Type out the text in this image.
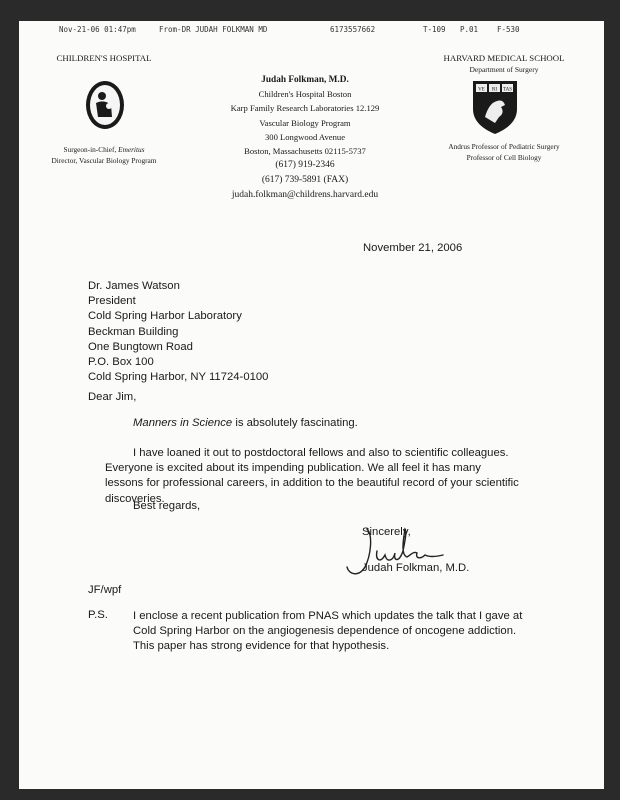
Nov-21-06 01:47pm	From-DR JUDAH FOLKMAN MD	6173557662	T-109 P.01	F-530
CHILDREN'S HOSPITAL
Surgeon-in-Chief, Emeritus
Director, Vascular Biology Program
Judah Folkman, M.D.
Children's Hospital Boston
Karp Family Research Laboratories 12.129
Vascular Biology Program
300 Longwood Avenue
Boston, Massachusetts 02115-5737
(617) 919-2346
(617) 739-5891 (FAX)
judah.folkman@childrens.harvard.edu
HARVARD MEDICAL SCHOOL
Department of Surgery
VE RI TAS
Andrus Professor of Pediatric Surgery
Professor of Cell Biology
November 21, 2006
Dr. James Watson
President
Cold Spring Harbor Laboratory
Beckman Building
One Bungtown Road
P.O. Box 100
Cold Spring Harbor, NY 11724-0100
Dear Jim,

Manners in Science is absolutely fascinating.

I have loaned it out to postdoctoral fellows and also to scientific colleagues. Everyone is excited about its impending publication. We all feel it has many lessons for professional careers, in addition to the beautiful record of your scientific discoveries.

Best regards,
Sincerely,
Judah Folkman, M.D.
JF/wpf
P.S. I enclose a recent publication from PNAS which updates the talk that I gave at Cold Spring Harbor on the angiogenesis dependence of oncogene addiction. This paper has strong evidence for that hypothesis.
